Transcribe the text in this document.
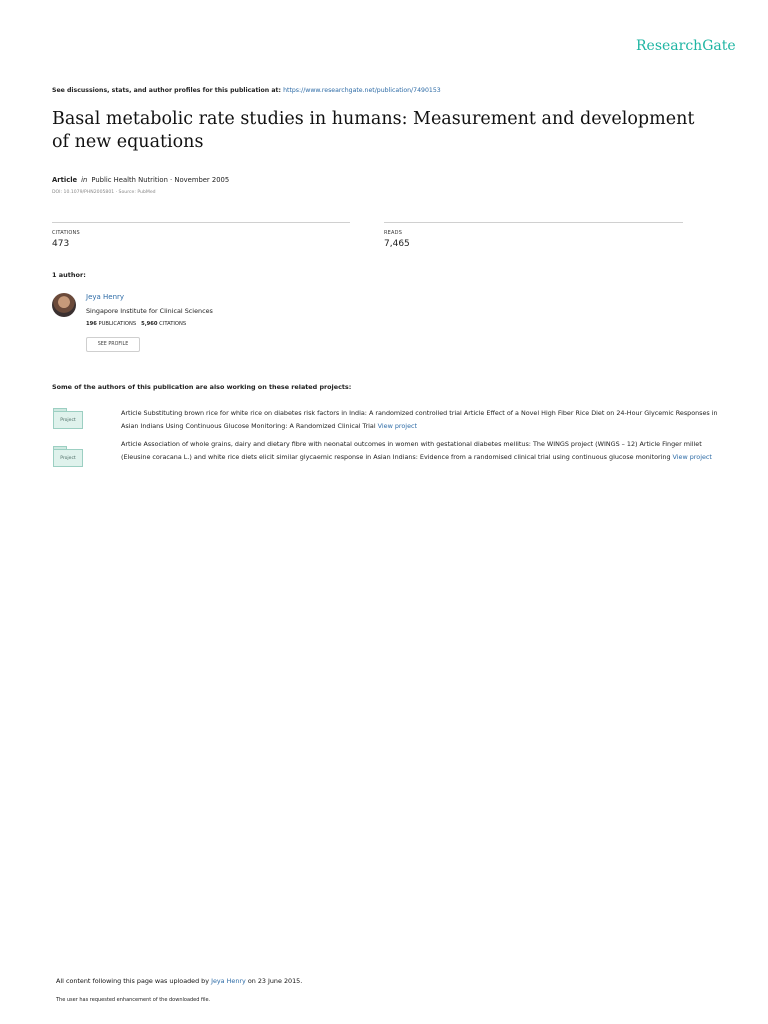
ResearchGate
See discussions, stats, and author profiles for this publication at: https://www.researchgate.net/publication/7490153
Basal metabolic rate studies in humans: Measurement and development of new equations
Article in Public Health Nutrition · November 2005
DOI: 10.1079/PHN2005801 · Source: PubMed
CITATIONS
473
READS
7,465
1 author:
Jeya Henry
Singapore Institute for Clinical Sciences
196 PUBLICATIONS 5,960 CITATIONS
SEE PROFILE
Some of the authors of this publication are also working on these related projects:
Project
Article Substituting brown rice for white rice on diabetes risk factors in India: A randomized controlled trial Article Effect of a Novel High Fiber Rice Diet on 24-Hour Glycemic Responses in Asian Indians Using Continuous Glucose Monitoring: A Randomized Clinical Trial View project
Project
Article Association of whole grains, dairy and dietary fibre with neonatal outcomes in women with gestational diabetes mellitus: The WINGS project (WINGS – 12) Article Finger millet (Eleusine coracana L.) and white rice diets elicit similar glycaemic response in Asian Indians: Evidence from a randomised clinical trial using continuous glucose monitoring View project
All content following this page was uploaded by Jeya Henry on 23 June 2015.
The user has requested enhancement of the downloaded file.
